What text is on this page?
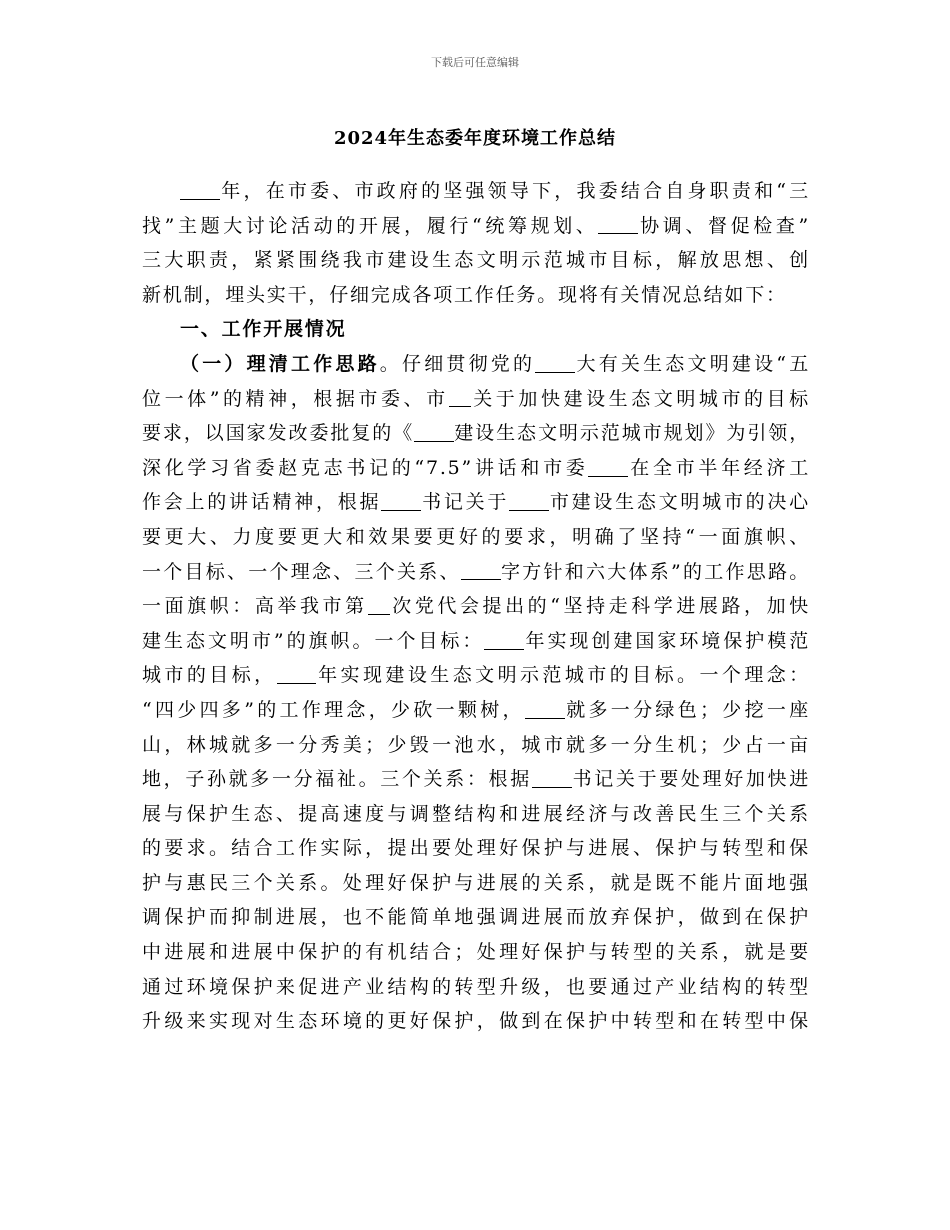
下载后可任意编辑
2024年生态委年度环境工作总结
年，在市委、市政府的坚强领导下，我委结合自身职责和“三
找”主题大讨论活动的开展，履行“统筹规划、 协调、督促检查”
三大职责，紧紧围绕我市建设生态文明示范城市目标，解放思想、创
新机制，埋头实干，仔细完成各项工作任务。现将有关情况总结如下：
一、工作开展情况
（一）理清工作思路。仔细贯彻党的 大有关生态文明建设“五
位一体”的精神，根据市委、市 关于加快建设生态文明城市的目标
要求，以国家发改委批复的《 建设生态文明示范城市规划》为引领，
深化学习省委赵克志书记的“7.5”讲话和市委 在全市半年经济工
作会上的讲话精神，根据 书记关于 市建设生态文明城市的决心
要更大、力度要更大和效果要更好的要求，明确了坚持“一面旗帜、
一个目标、一个理念、三个关系、 字方针和六大体系”的工作思路。
一面旗帜：高举我市第 次党代会提出的“坚持走科学进展路，加快
建生态文明市”的旗帜。一个目标： 年实现创建国家环境保护模范
城市的目标， 年实现建设生态文明示范城市的目标。一个理念：
“四少四多”的工作理念，少砍一颗树， 就多一分绿色；少挖一座
山，林城就多一分秀美；少毁一池水，城市就多一分生机；少占一亩
地，子孙就多一分福祉。三个关系：根据 书记关于要处理好加快进
展与保护生态、提高速度与调整结构和进展经济与改善民生三个关系
的要求。结合工作实际，提出要处理好保护与进展、保护与转型和保
护与惠民三个关系。处理好保护与进展的关系，就是既不能片面地强
调保护而抑制进展，也不能简单地强调进展而放弃保护，做到在保护
中进展和进展中保护的有机结合；处理好保护与转型的关系，就是要
通过环境保护来促进产业结构的转型升级，也要通过产业结构的转型
升级来实现对生态环境的更好保护，做到在保护中转型和在转型中保
